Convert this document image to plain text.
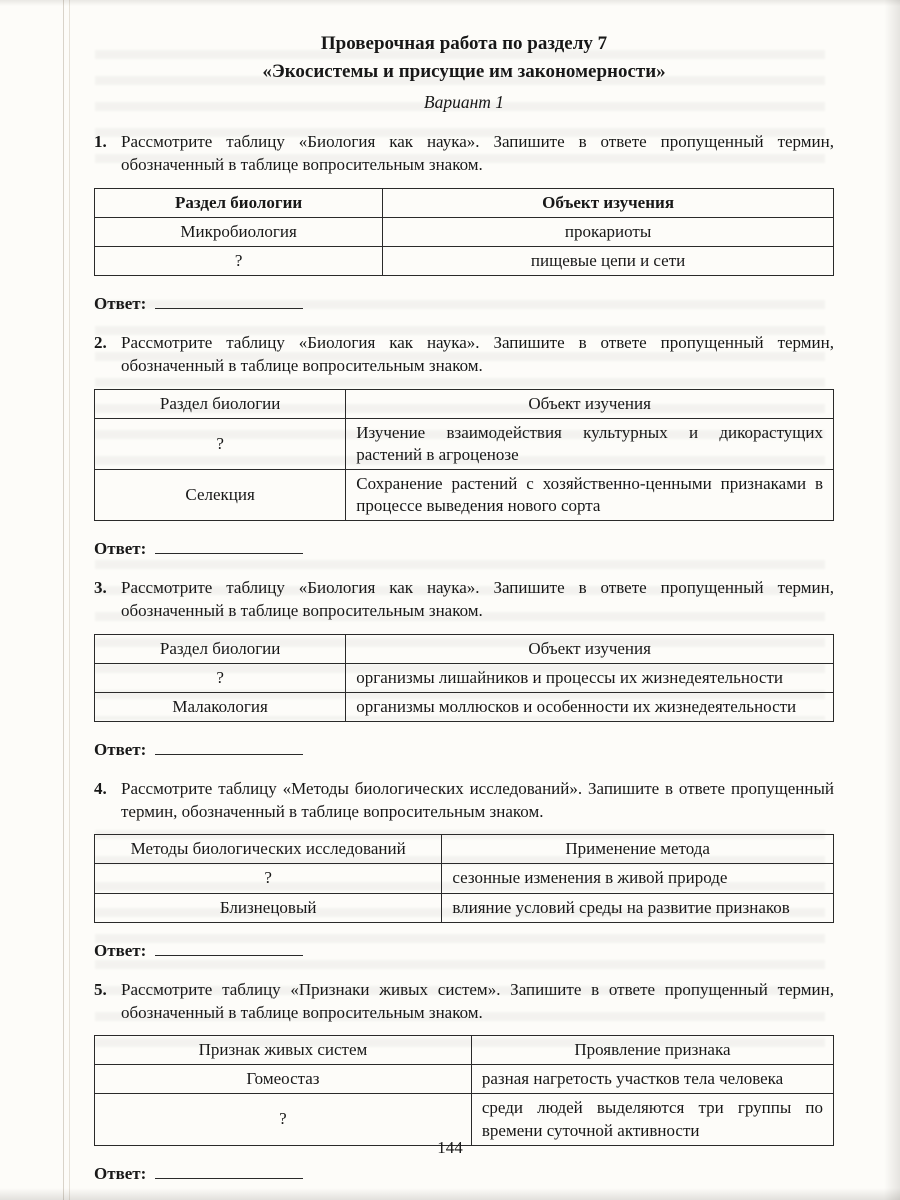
Проверочная работа по разделу 7
«Экосистемы и присущие им закономерности»
Вариант 1
1. Рассмотрите таблицу «Биология как наука». Запишите в ответе пропущенный термин, обозначенный в таблице вопросительным знаком.
Раздел биологии	Объект изучения
Микробиология	прокариоты
?	пищевые цепи и сети
Ответ:
2. Рассмотрите таблицу «Биология как наука». Запишите в ответе пропущенный термин, обозначенный в таблице вопросительным знаком.
Раздел биологии	Объект изучения
?	Изучение взаимодействия культурных и дикорастущих растений в агроценозе
Селекция	Сохранение растений с хозяйственно-ценными признаками в процессе выведения нового сорта
Ответ:
3. Рассмотрите таблицу «Биология как наука». Запишите в ответе пропущенный термин, обозначенный в таблице вопросительным знаком.
Раздел биологии	Объект изучения
?	организмы лишайников и процессы их жизнедеятельности
Малакология	организмы моллюсков и особенности их жизнедеятельности
Ответ:
4. Рассмотрите таблицу «Методы биологических исследований». Запишите в ответе пропущенный термин, обозначенный в таблице вопросительным знаком.
Методы биологических исследований	Применение метода
?	сезонные изменения в живой природе
Близнецовый	влияние условий среды на развитие признаков
Ответ:
5. Рассмотрите таблицу «Признаки живых систем». Запишите в ответе пропущенный термин, обозначенный в таблице вопросительным знаком.
Признак живых систем	Проявление признака
Гомеостаз	разная нагретость участков тела человека
?	среди людей выделяются три группы по времени суточной активности
Ответ:
144
